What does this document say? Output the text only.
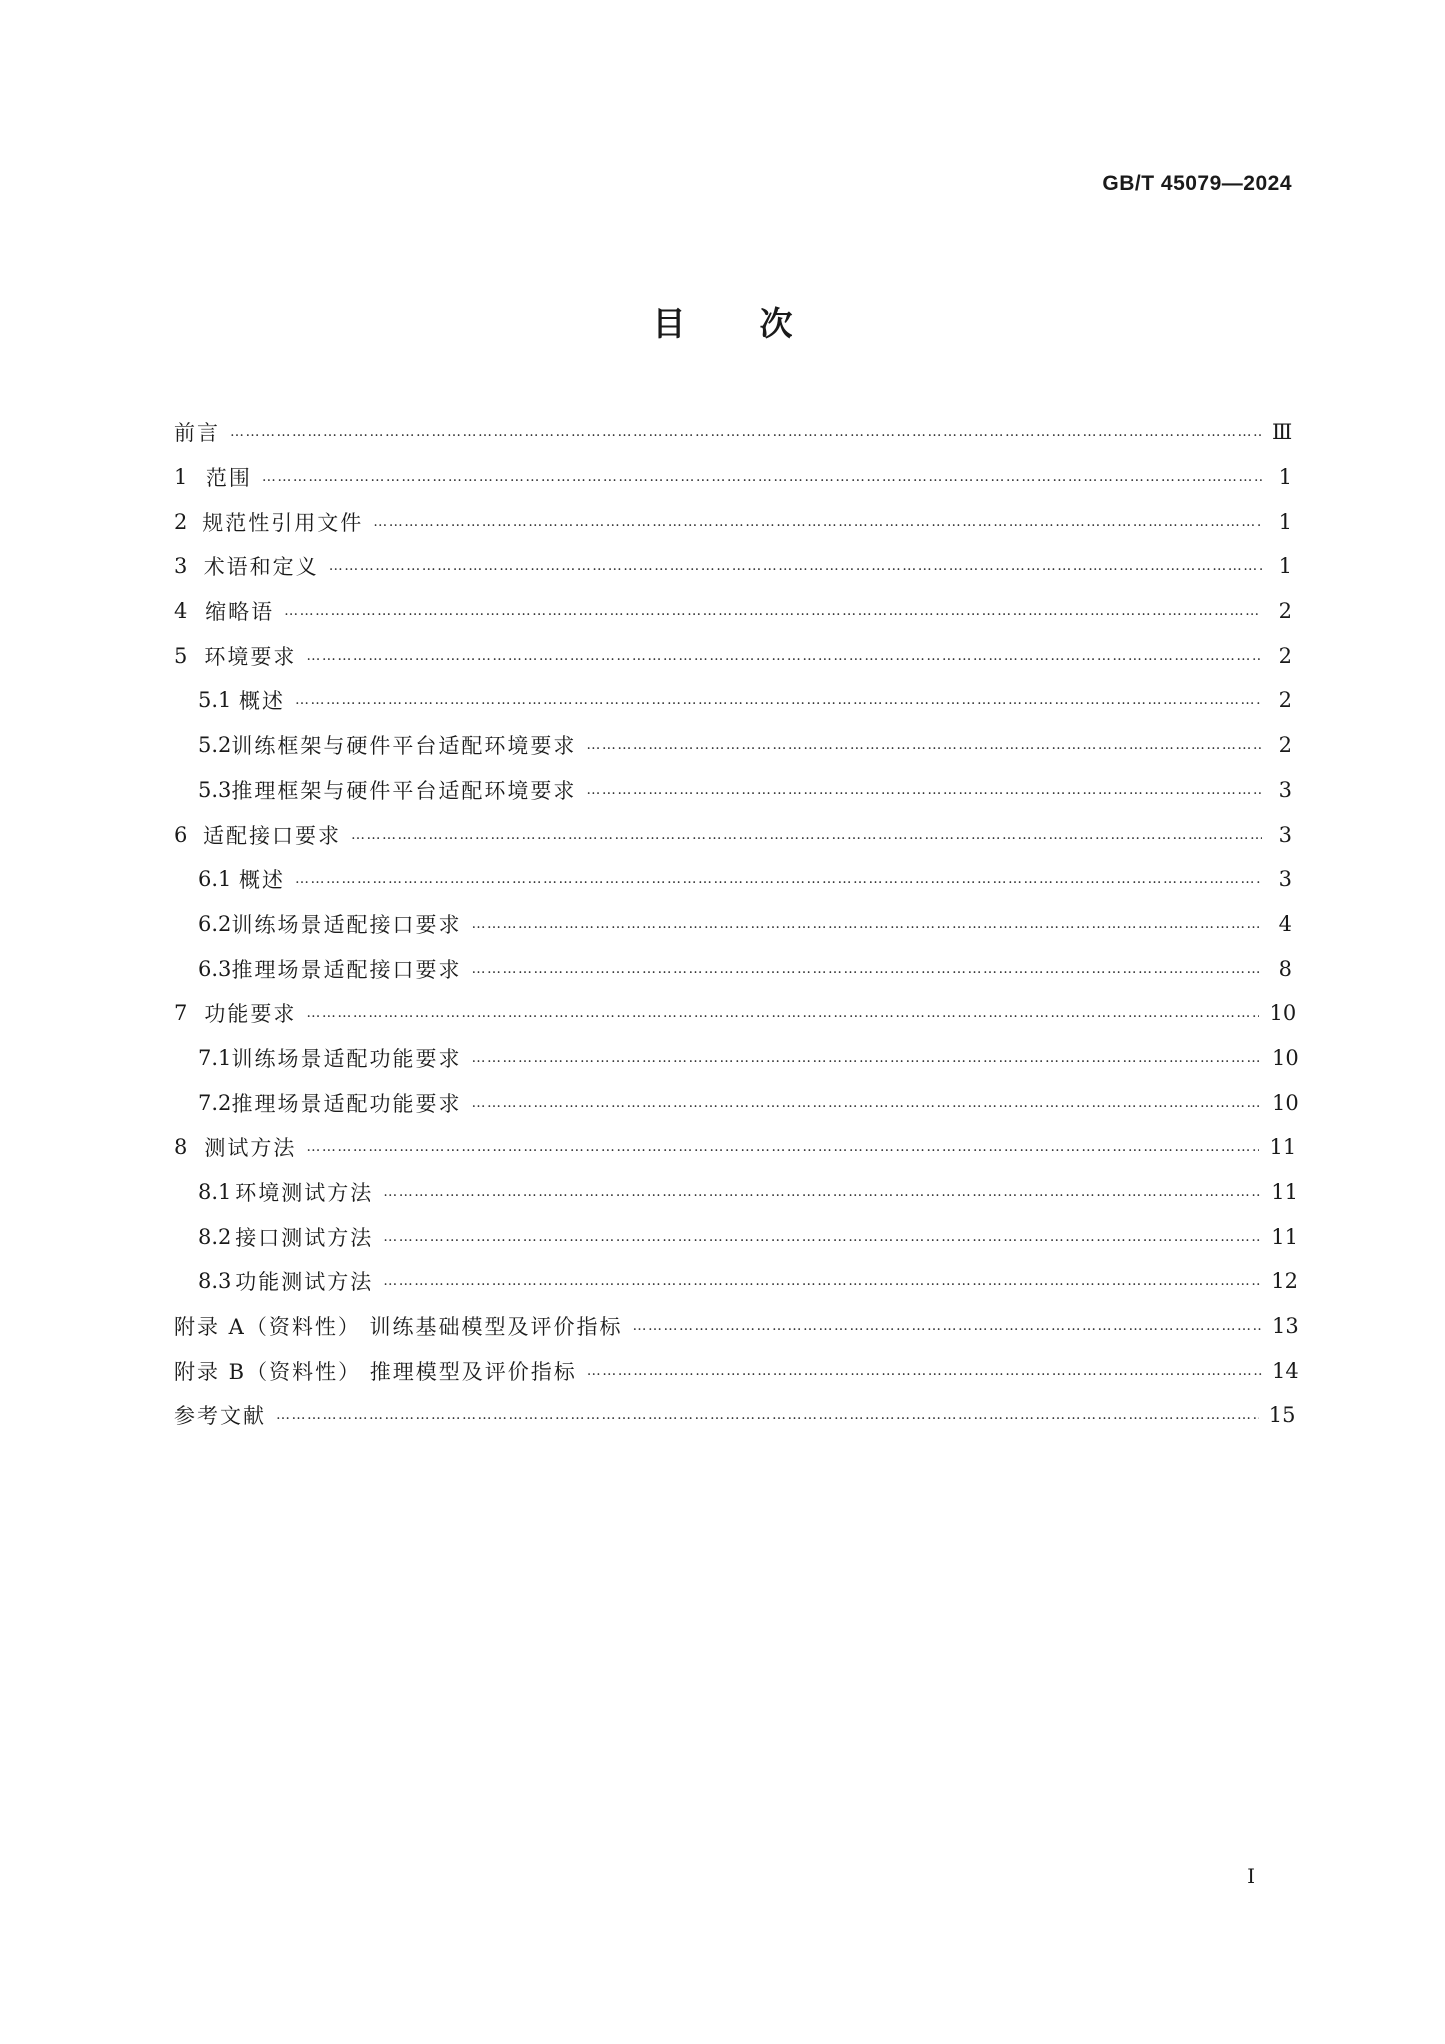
GB/T 45079—2024
目 次
前言 …………………………………………………………………………………………………………………………………………………………………………………………………	Ⅲ
1 范围 …………………………………………………………………………………………………………………………………………………………………………………………………	1
2 规范性引用文件 …………………………………………………………………………………………………………………………………………………………………………………………………	1
3 术语和定义 …………………………………………………………………………………………………………………………………………………………………………………………………	1
4 缩略语 …………………………………………………………………………………………………………………………………………………………………………………………………	2
5 环境要求 …………………………………………………………………………………………………………………………………………………………………………………………………	2
5.1 概述 …………………………………………………………………………………………………………………………………………………………………………………………………	2
5.2 训练框架与硬件平台适配环境要求 …………………………………………………………………………………………………………………………………………………………………………………………………	2
5.3 推理框架与硬件平台适配环境要求 …………………………………………………………………………………………………………………………………………………………………………………………………	3
6 适配接口要求 …………………………………………………………………………………………………………………………………………………………………………………………………	3
6.1 概述 …………………………………………………………………………………………………………………………………………………………………………………………………	3
6.2 训练场景适配接口要求 …………………………………………………………………………………………………………………………………………………………………………………………………	4
6.3 推理场景适配接口要求 …………………………………………………………………………………………………………………………………………………………………………………………………	8
7 功能要求 …………………………………………………………………………………………………………………………………………………………………………………………………	10
7.1 训练场景适配功能要求 …………………………………………………………………………………………………………………………………………………………………………………………………	10
7.2 推理场景适配功能要求 …………………………………………………………………………………………………………………………………………………………………………………………………	10
8 测试方法 …………………………………………………………………………………………………………………………………………………………………………………………………	11
8.1 环境测试方法 …………………………………………………………………………………………………………………………………………………………………………………………………	11
8.2 接口测试方法 …………………………………………………………………………………………………………………………………………………………………………………………………	11
8.3 功能测试方法 …………………………………………………………………………………………………………………………………………………………………………………………………	12
附录 A（资料性） 训练基础模型及评价指标 …………………………………………………………………………………………………………………………………………………………………………………………………	13
附录 B（资料性） 推理模型及评价指标 …………………………………………………………………………………………………………………………………………………………………………………………………	14
参考文献 …………………………………………………………………………………………………………………………………………………………………………………………………	15
I
